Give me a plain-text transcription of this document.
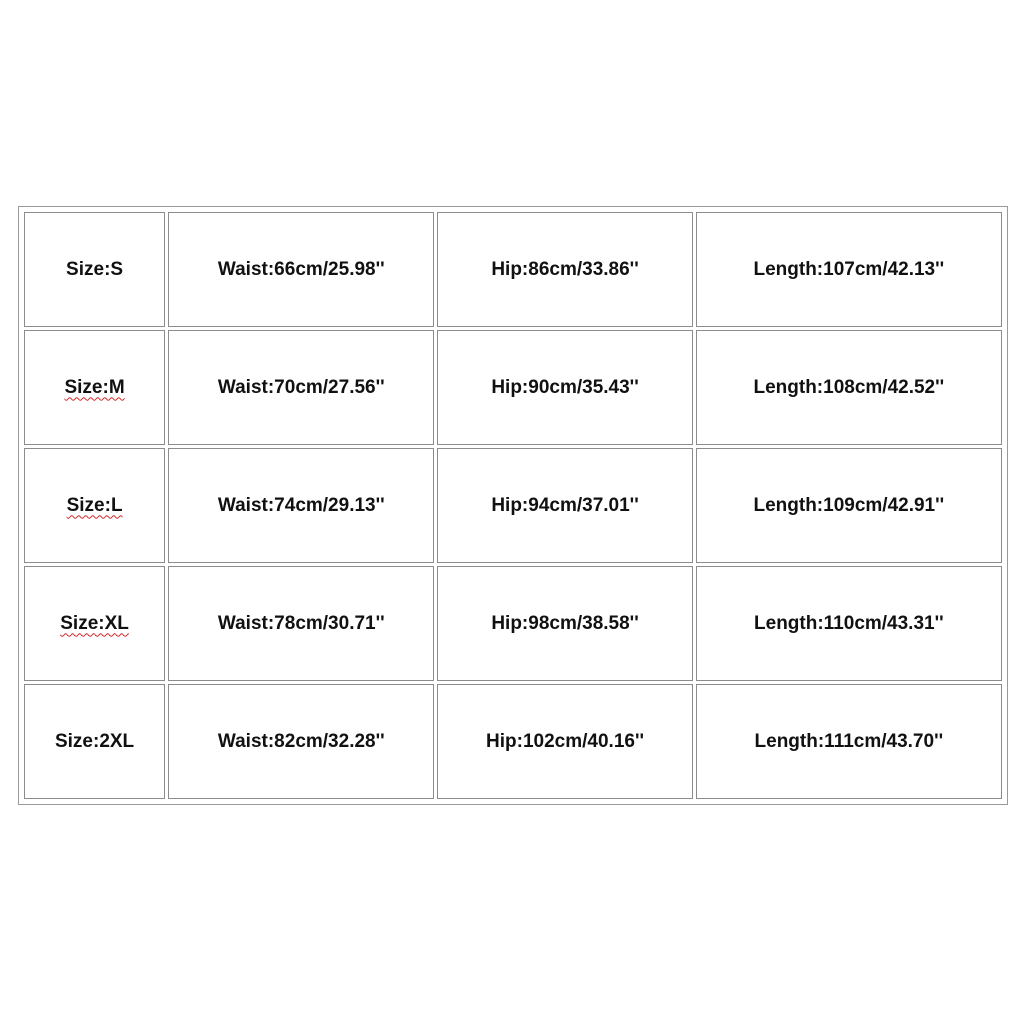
Size:S	Waist:66cm/25.98''	Hip:86cm/33.86''	Length:107cm/42.13''
Size:M	Waist:70cm/27.56''	Hip:90cm/35.43''	Length:108cm/42.52''
Size:L	Waist:74cm/29.13''	Hip:94cm/37.01''	Length:109cm/42.91''
Size:XL	Waist:78cm/30.71''	Hip:98cm/38.58''	Length:110cm/43.31''
Size:2XL	Waist:82cm/32.28''	Hip:102cm/40.16''	Length:111cm/43.70''
